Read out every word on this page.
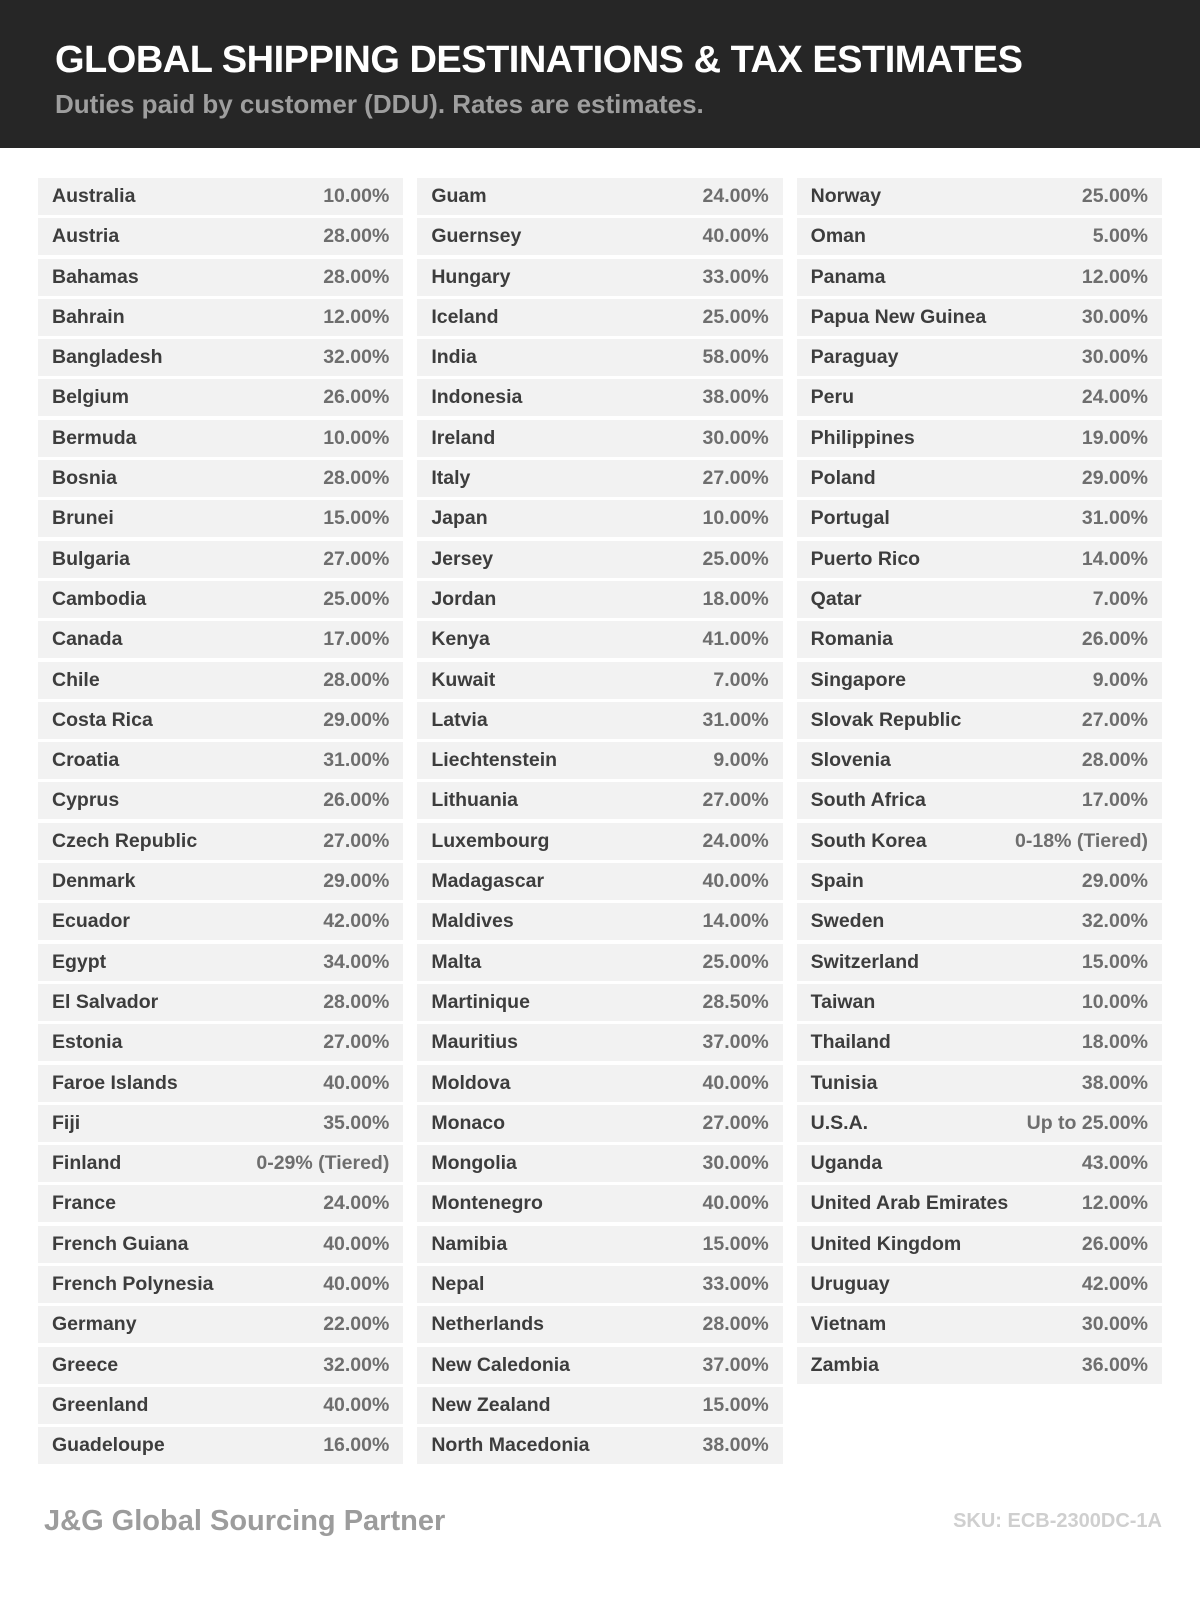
GLOBAL SHIPPING DESTINATIONS & TAX ESTIMATES
Duties paid by customer (DDU). Rates are estimates.
Australia	10.00%
Austria	28.00%
Bahamas	28.00%
Bahrain	12.00%
Bangladesh	32.00%
Belgium	26.00%
Bermuda	10.00%
Bosnia	28.00%
Brunei	15.00%
Bulgaria	27.00%
Cambodia	25.00%
Canada	17.00%
Chile	28.00%
Costa Rica	29.00%
Croatia	31.00%
Cyprus	26.00%
Czech Republic	27.00%
Denmark	29.00%
Ecuador	42.00%
Egypt	34.00%
El Salvador	28.00%
Estonia	27.00%
Faroe Islands	40.00%
Fiji	35.00%
Finland	0-29% (Tiered)
France	24.00%
French Guiana	40.00%
French Polynesia	40.00%
Germany	22.00%
Greece	32.00%
Greenland	40.00%
Guadeloupe	16.00%
Guam	24.00%
Guernsey	40.00%
Hungary	33.00%
Iceland	25.00%
India	58.00%
Indonesia	38.00%
Ireland	30.00%
Italy	27.00%
Japan	10.00%
Jersey	25.00%
Jordan	18.00%
Kenya	41.00%
Kuwait	7.00%
Latvia	31.00%
Liechtenstein	9.00%
Lithuania	27.00%
Luxembourg	24.00%
Madagascar	40.00%
Maldives	14.00%
Malta	25.00%
Martinique	28.50%
Mauritius	37.00%
Moldova	40.00%
Monaco	27.00%
Mongolia	30.00%
Montenegro	40.00%
Namibia	15.00%
Nepal	33.00%
Netherlands	28.00%
New Caledonia	37.00%
New Zealand	15.00%
North Macedonia	38.00%
Norway	25.00%
Oman	5.00%
Panama	12.00%
Papua New Guinea	30.00%
Paraguay	30.00%
Peru	24.00%
Philippines	19.00%
Poland	29.00%
Portugal	31.00%
Puerto Rico	14.00%
Qatar	7.00%
Romania	26.00%
Singapore	9.00%
Slovak Republic	27.00%
Slovenia	28.00%
South Africa	17.00%
South Korea	0-18% (Tiered)
Spain	29.00%
Sweden	32.00%
Switzerland	15.00%
Taiwan	10.00%
Thailand	18.00%
Tunisia	38.00%
U.S.A.	Up to 25.00%
Uganda	43.00%
United Arab Emirates	12.00%
United Kingdom	26.00%
Uruguay	42.00%
Vietnam	30.00%
Zambia	36.00%
J&G Global Sourcing Partner	SKU: ECB-2300DC-1A
